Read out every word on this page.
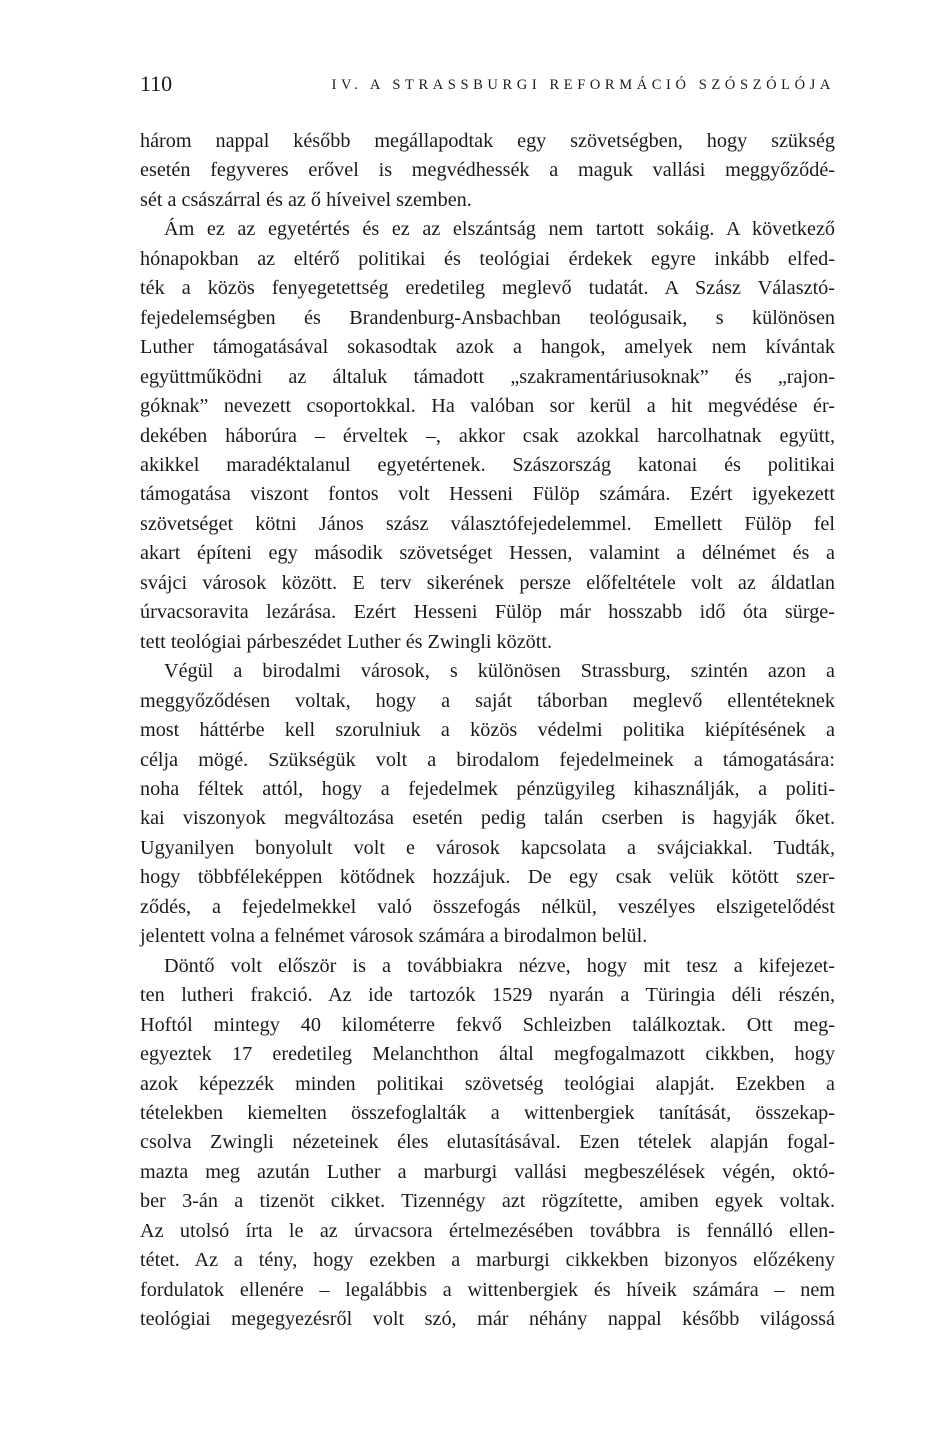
110	IV. A STRASSBURGI REFORMÁCIÓ SZÓSZÓLÓJA

három nappal később megállapodtak egy szövetségben, hogy szükség
esetén fegyveres erővel is megvédhessék a maguk vallási meggyőződé-
sét a császárral és az ő híveivel szemben.

Ám ez az egyetértés és ez az elszántság nem tartott sokáig. A következő
hónapokban az eltérő politikai és teológiai érdekek egyre inkább elfed-
ték a közös fenyegetettség eredetileg meglevő tudatát. A Szász Választó-
fejedelemségben és Brandenburg-Ansbachban teológusaik, s különösen
Luther támogatásával sokasodtak azok a hangok, amelyek nem kívántak
együttműködni az általuk támadott „szakramentáriusoknak” és „rajon-
góknak” nevezett csoportokkal. Ha valóban sor kerül a hit megvédése ér-
dekében háborúra – érveltek –, akkor csak azokkal harcolhatnak együtt,
akikkel maradéktalanul egyetértenek. Szászország katonai és politikai
támogatása viszont fontos volt Hesseni Fülöp számára. Ezért igyekezett
szövetséget kötni János szász választófejedelemmel. Emellett Fülöp fel
akart építeni egy második szövetséget Hessen, valamint a délnémet és a
svájci városok között. E terv sikerének persze előfeltétele volt az áldatlan
úrvacsoravita lezárása. Ezért Hesseni Fülöp már hosszabb idő óta sürge-
tett teológiai párbeszédet Luther és Zwingli között.

Végül a birodalmi városok, s különösen Strassburg, szintén azon a
meggyőződésen voltak, hogy a saját táborban meglevő ellentéteknek
most háttérbe kell szorulniuk a közös védelmi politika kiépítésének a
célja mögé. Szükségük volt a birodalom fejedelmeinek a támogatására:
noha féltek attól, hogy a fejedelmek pénzügyileg kihasználják, a politi-
kai viszonyok megváltozása esetén pedig talán cserben is hagyják őket.
Ugyanilyen bonyolult volt e városok kapcsolata a svájciakkal. Tudták,
hogy többféleképpen kötődnek hozzájuk. De egy csak velük kötött szer-
ződés, a fejedelmekkel való összefogás nélkül, veszélyes elszigetelődést
jelentett volna a felnémet városok számára a birodalmon belül.

Döntő volt először is a továbbiakra nézve, hogy mit tesz a kifejezet-
ten lutheri frakció. Az ide tartozók 1529 nyarán a Türingia déli részén,
Hoftól mintegy 40 kilométerre fekvő Schleizben találkoztak. Ott meg-
egyeztek 17 eredetileg Melanchthon által megfogalmazott cikkben, hogy
azok képezzék minden politikai szövetség teológiai alapját. Ezekben a
tételekben kiemelten összefoglalták a wittenbergiek tanítását, összekap-
csolva Zwingli nézeteinek éles elutasításával. Ezen tételek alapján fogal-
mazta meg azután Luther a marburgi vallási megbeszélések végén, októ-
ber 3-án a tizenöt cikket. Tizennégy azt rögzítette, amiben egyek voltak.
Az utolsó írta le az úrvacsora értelmezésében továbbra is fennálló ellen-
tétet. Az a tény, hogy ezekben a marburgi cikkekben bizonyos előzékeny
fordulatok ellenére – legalábbis a wittenbergiek és híveik számára – nem
teológiai megegyezésről volt szó, már néhány nappal később világossá
